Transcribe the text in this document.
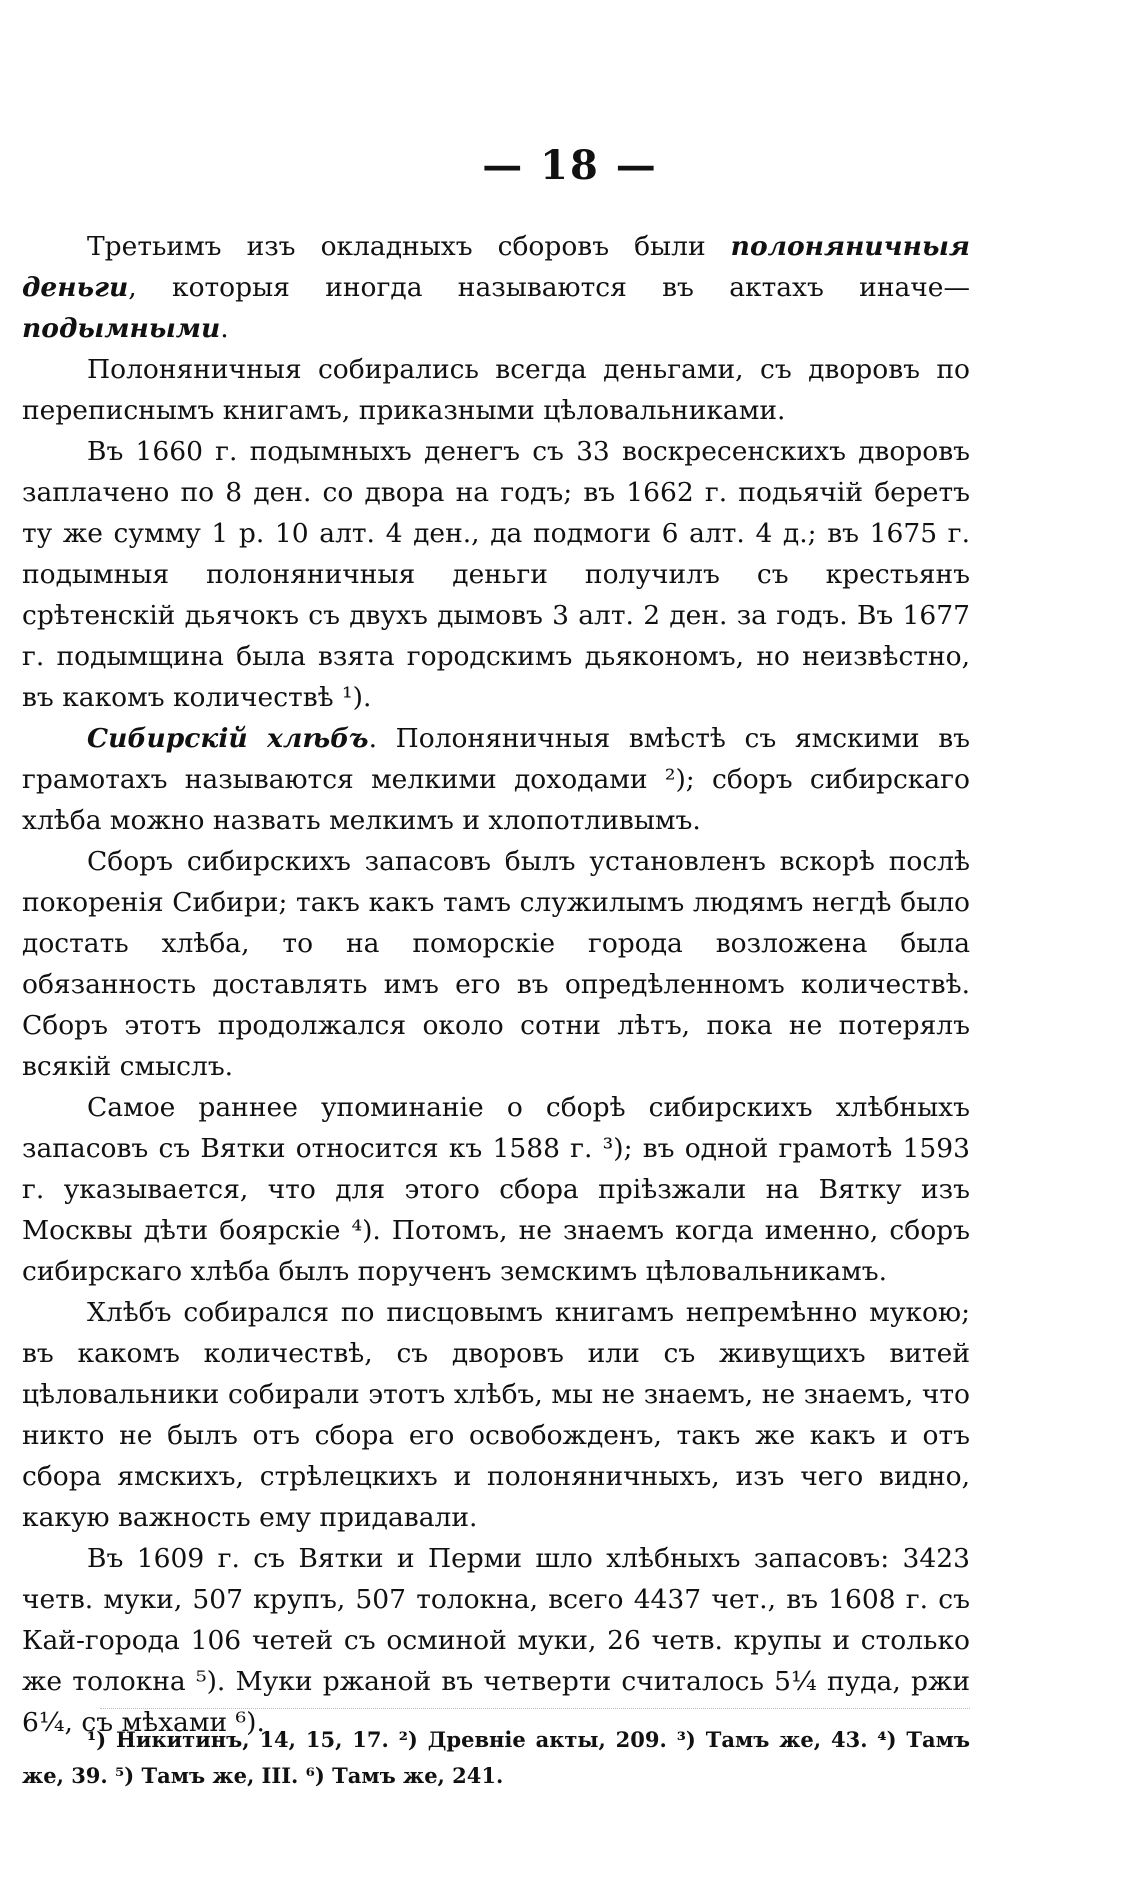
— 18 —

Третьимъ изъ окладныхъ сборовъ были полоняничныя деньги, которыя иногда называются въ актахъ иначе—подымными.

Полоняничныя собирались всегда деньгами, съ дворовъ по переписнымъ книгамъ, приказными цѣловальниками.

Въ 1660 г. подымныхъ денегъ съ 33 воскресенскихъ дворовъ заплачено по 8 ден. со двора на годъ; въ 1662 г. подьячій беретъ ту же сумму 1 р. 10 алт. 4 ден., да подмоги 6 алт. 4 д.; въ 1675 г. подымныя полоняничныя деньги получилъ съ крестьянъ срѣтенскій дьячокъ съ двухъ дымовъ 3 алт. 2 ден. за годъ. Въ 1677 г. подымщина была взята городскимъ дьякономъ, но неизвѣстно, въ какомъ количествѣ ¹).

Сибирскій хлѣбъ. Полоняничныя вмѣстѣ съ ямскими въ грамотахъ называются мелкими доходами ²); сборъ сибирскаго хлѣба можно назвать мелкимъ и хлопотливымъ.

Сборъ сибирскихъ запасовъ былъ установленъ вскорѣ послѣ покоренія Сибири; такъ какъ тамъ служилымъ людямъ негдѣ было достать хлѣба, то на поморскіе города возложена была обязанность доставлять имъ его въ опредѣленномъ количествѣ. Сборъ этотъ продолжался около сотни лѣтъ, пока не потерялъ всякій смыслъ.

Самое раннее упоминаніе о сборѣ сибирскихъ хлѣбныхъ запасовъ съ Вятки относится къ 1588 г. ³); въ одной грамотѣ 1593 г. указывается, что для этого сбора пріѣзжали на Вятку изъ Москвы дѣти боярскіе ⁴). Потомъ, не знаемъ когда именно, сборъ сибирскаго хлѣба былъ порученъ земскимъ цѣловальникамъ.

Хлѣбъ собирался по писцовымъ книгамъ непремѣнно мукою; въ какомъ количествѣ, съ дворовъ или съ живущихъ витей цѣловальники собирали этотъ хлѣбъ, мы не знаемъ, не знаемъ, что никто не былъ отъ сбора его освобожденъ, такъ же какъ и отъ сбора ямскихъ, стрѣлецкихъ и полоняничныхъ, изъ чего видно, какую важность ему придавали.

Въ 1609 г. съ Вятки и Перми шло хлѣбныхъ запасовъ: 3423 четв. муки, 507 крупъ, 507 толокна, всего 4437 чет., въ 1608 г. съ Кай-города 106 четей съ осминой муки, 26 четв. крупы и столько же толокна ⁵). Муки ржаной въ четверти считалось 5¼ пуда, ржи 6¼, съ мѣхами ⁶).

¹) Никитинъ, 14, 15, 17. ²) Древніе акты, 209. ³) Тамъ же, 43. ⁴) Тамъ же, 39. ⁵) Тамъ же, III. ⁶) Тамъ же, 241.
